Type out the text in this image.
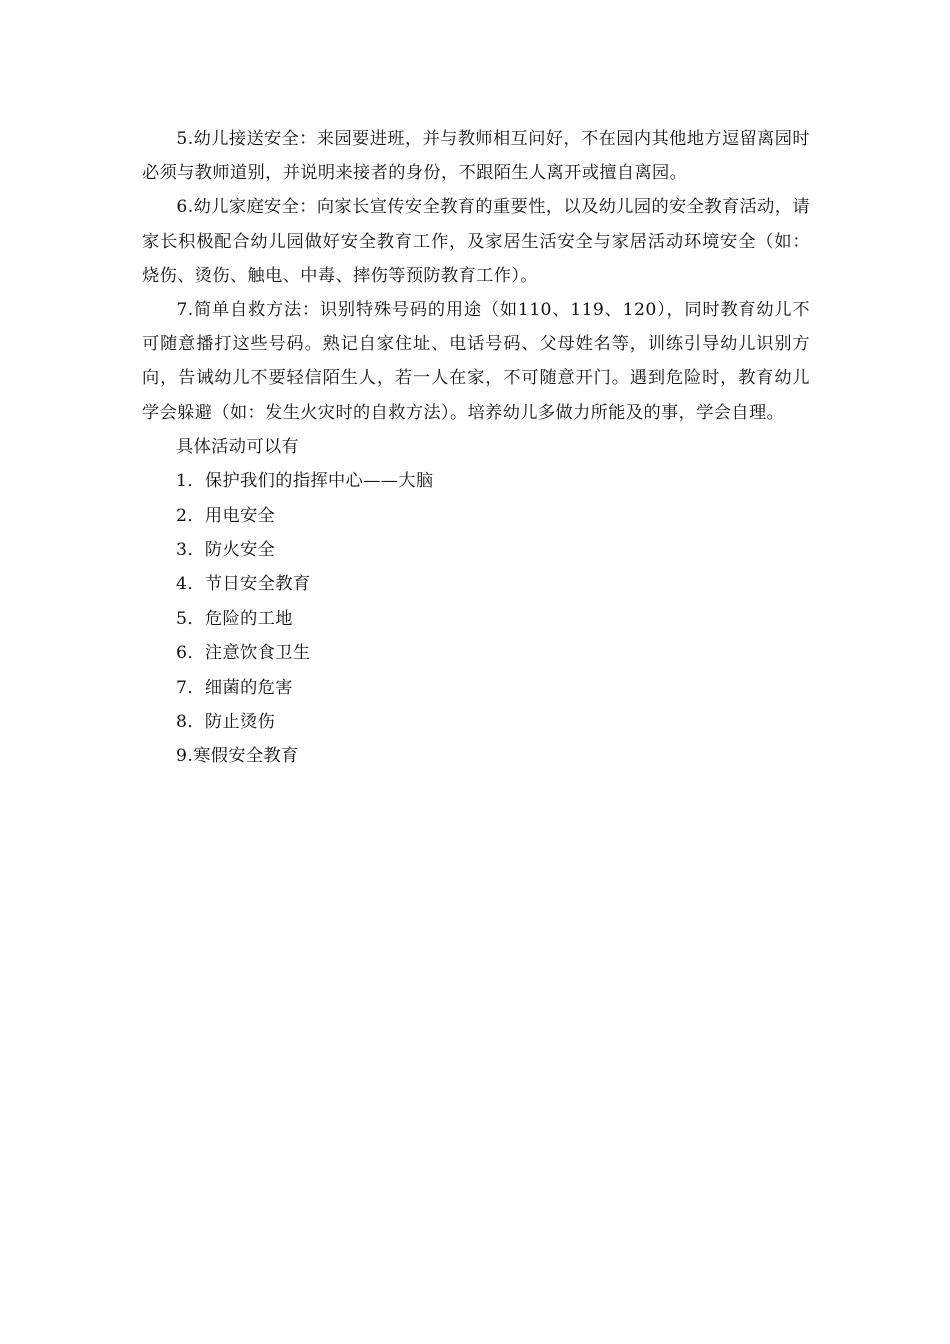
5.幼儿接送安全：来园要进班，并与教师相互问好，不在园内其他地方逗留离园时必须与教师道别，并说明来接者的身份，不跟陌生人离开或擅自离园。

6.幼儿家庭安全：向家长宣传安全教育的重要性，以及幼儿园的安全教育活动，请家长积极配合幼儿园做好安全教育工作，及家居生活安全与家居活动环境安全（如：烧伤、烫伤、触电、中毒、摔伤等预防教育工作）。

7.简单自救方法：识别特殊号码的用途（如110、119、120），同时教育幼儿不可随意播打这些号码。熟记自家住址、电话号码、父母姓名等，训练引导幼儿识别方向，告诫幼儿不要轻信陌生人，若一人在家，不可随意开门。遇到危险时，教育幼儿学会躲避（如：发生火灾时的自救方法）。培养幼儿多做力所能及的事，学会自理。

具体活动可以有

1．保护我们的指挥中心——大脑
2．用电安全
3．防火安全
4．节日安全教育
5．危险的工地
6．注意饮食卫生
7．细菌的危害
8．防止烫伤
9.寒假安全教育
